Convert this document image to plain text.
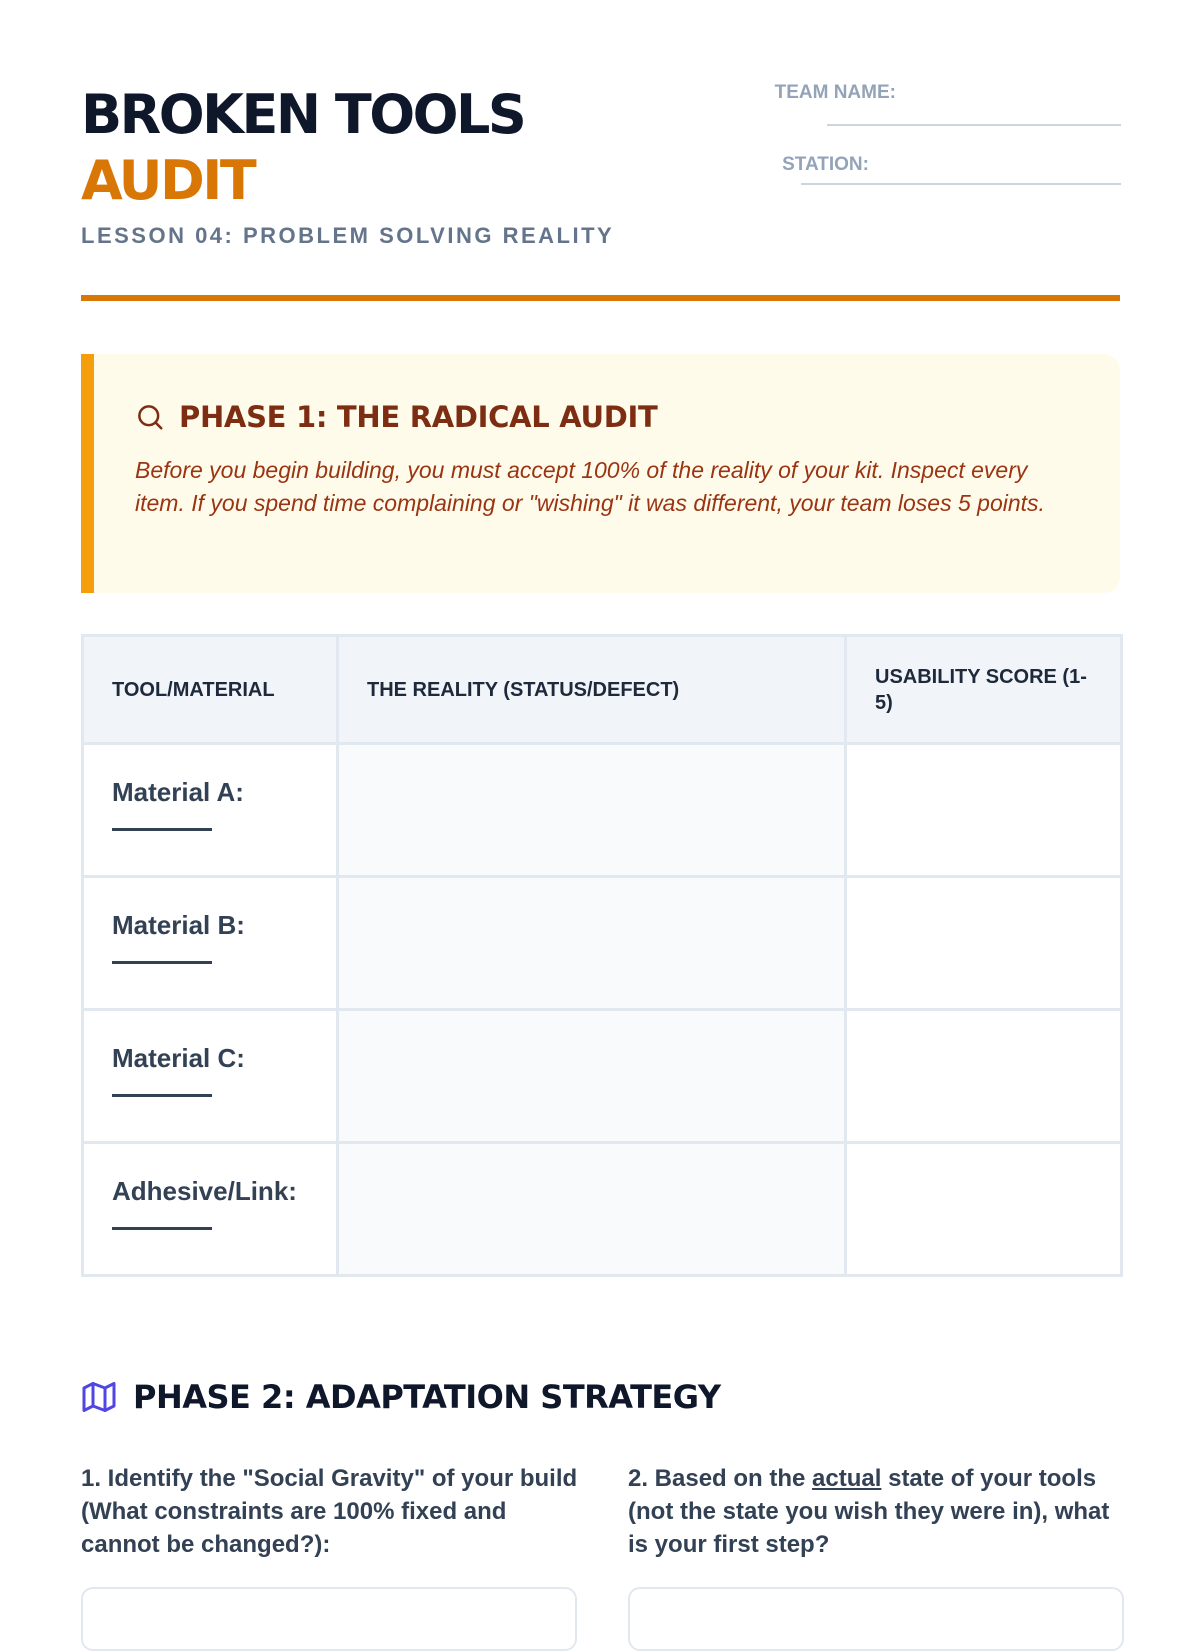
BROKEN TOOLS
AUDIT
LESSON 04: PROBLEM SOLVING REALITY
TEAM NAME:
STATION:
PHASE 1: THE RADICAL AUDIT
Before you begin building, you must accept 100% of the reality of your kit. Inspect every item. If you spend time complaining or "wishing" it was different, your team loses 5 points.
TOOL/MATERIAL	THE REALITY (STATUS/DEFECT)	USABILITY SCORE (1-5)

Material A:		

Material B:		

Material C:		

Adhesive/Link:		

PHASE 2: ADAPTATION STRATEGY
1. Identify the "Social Gravity" of your build (What constraints are 100% fixed and cannot be changed?):
2. Based on the actual state of your tools (not the state you wish they were in), what is your first step?
